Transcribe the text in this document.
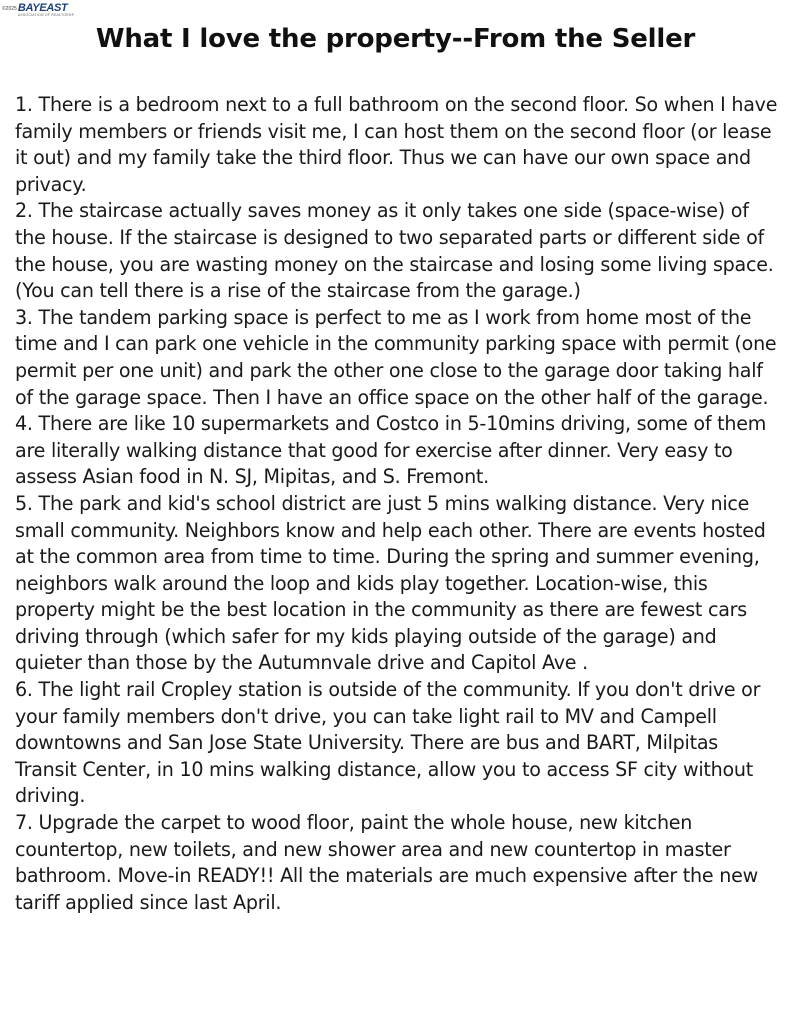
©2025 BAYEAST
ASSOCIATION OF REALTORS®
What I love the property--From the Seller

1. There is a bedroom next to a full bathroom on the second floor. So when I have family members or friends visit me, I can host them on the second floor (or lease it out) and my family take the third floor. Thus we can have our own space and privacy.

2. The staircase actually saves money as it only takes one side (space-wise) of the house. If the staircase is designed to two separated parts or different side of the house, you are wasting money on the staircase and losing some living space. (You can tell there is a rise of the staircase from the garage.)

3. The tandem parking space is perfect to me as I work from home most of the time and I can park one vehicle in the community parking space with permit (one permit per one unit) and park the other one close to the garage door taking half of the garage space. Then I have an office space on the other half of the garage.

4. There are like 10 supermarkets and Costco in 5-10mins driving, some of them are literally walking distance that good for exercise after dinner. Very easy to assess Asian food in N. SJ, Mipitas, and S. Fremont.

5. The park and kid's school district are just 5 mins walking distance. Very nice small community. Neighbors know and help each other. There are events hosted at the common area from time to time. During the spring and summer evening, neighbors walk around the loop and kids play together. Location-wise, this property might be the best location in the community as there are fewest cars driving through (which safer for my kids playing outside of the garage) and quieter than those by the Autumnvale drive and Capitol Ave .

6. The light rail Cropley station is outside of the community. If you don't drive or your family members don't drive, you can take light rail to MV and Campell downtowns and San Jose State University. There are bus and BART, Milpitas Transit Center, in 10 mins walking distance, allow you to access SF city without driving.

7. Upgrade the carpet to wood floor, paint the whole house, new kitchen countertop, new toilets, and new shower area and new countertop in master bathroom. Move-in READY!! All the materials are much expensive after the new tariff applied since last April.
